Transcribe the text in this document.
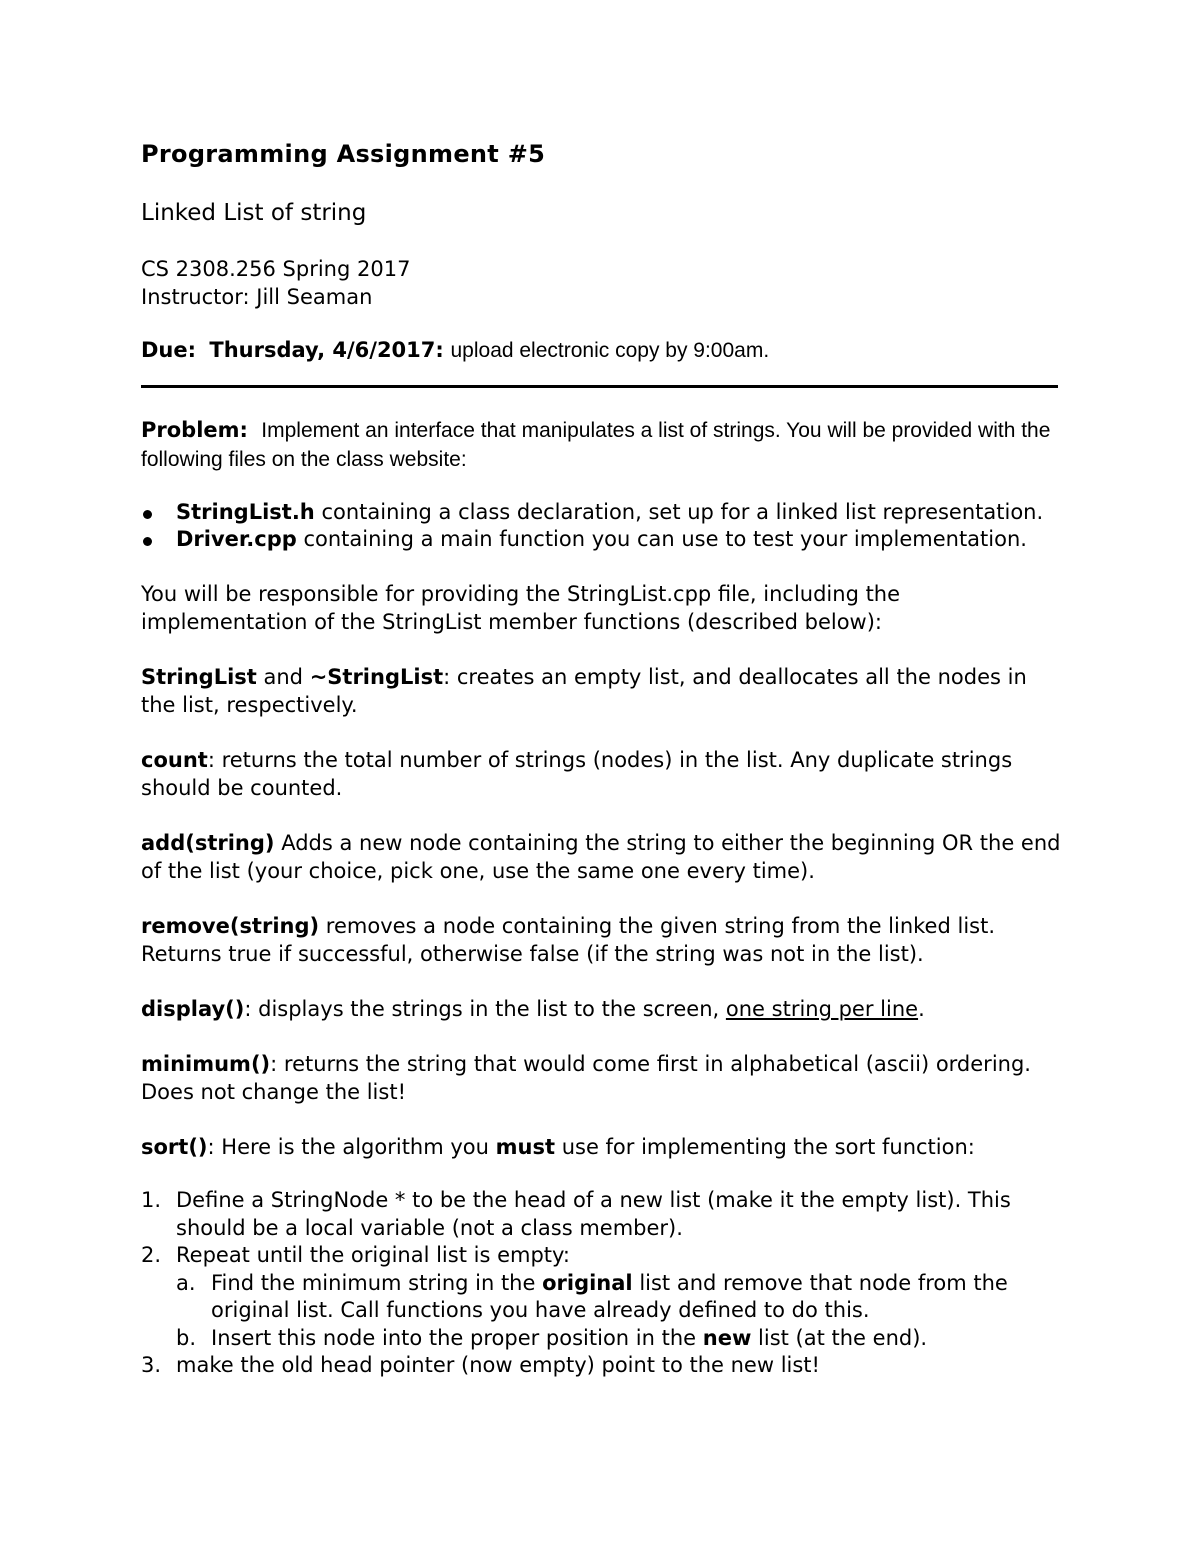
Programming Assignment #5
Linked List of string
CS 2308.256 Spring 2017
Instructor: Jill Seaman
Due: Thursday, 4/6/2017: upload electronic copy by 9:00am.
Problem: Implement an interface that manipulates a list of strings. You will be provided with the following files on the class website:
StringList.h containing a class declaration, set up for a linked list representation.
Driver.cpp containing a main function you can use to test your implementation.

You will be responsible for providing the StringList.cpp file, including the implementation of the StringList member functions (described below):

StringList and ~StringList: creates an empty list, and deallocates all the nodes in the list, respectively.

count: returns the total number of strings (nodes) in the list. Any duplicate strings should be counted.

add(string) Adds a new node containing the string to either the beginning OR the end of the list (your choice, pick one, use the same one every time).

remove(string) removes a node containing the given string from the linked list. Returns true if successful, otherwise false (if the string was not in the list).

display(): displays the strings in the list to the screen, one string per line.

minimum(): returns the string that would come first in alphabetical (ascii) ordering. Does not change the list!

sort(): Here is the algorithm you must use for implementing the sort function:

1. Define a StringNode * to be the head of a new list (make it the empty list). This should be a local variable (not a class member).
2. Repeat until the original list is empty:
a. Find the minimum string in the original list and remove that node from the original list. Call functions you have already defined to do this.
b. Insert this node into the proper position in the new list (at the end).
3. make the old head pointer (now empty) point to the new list!
